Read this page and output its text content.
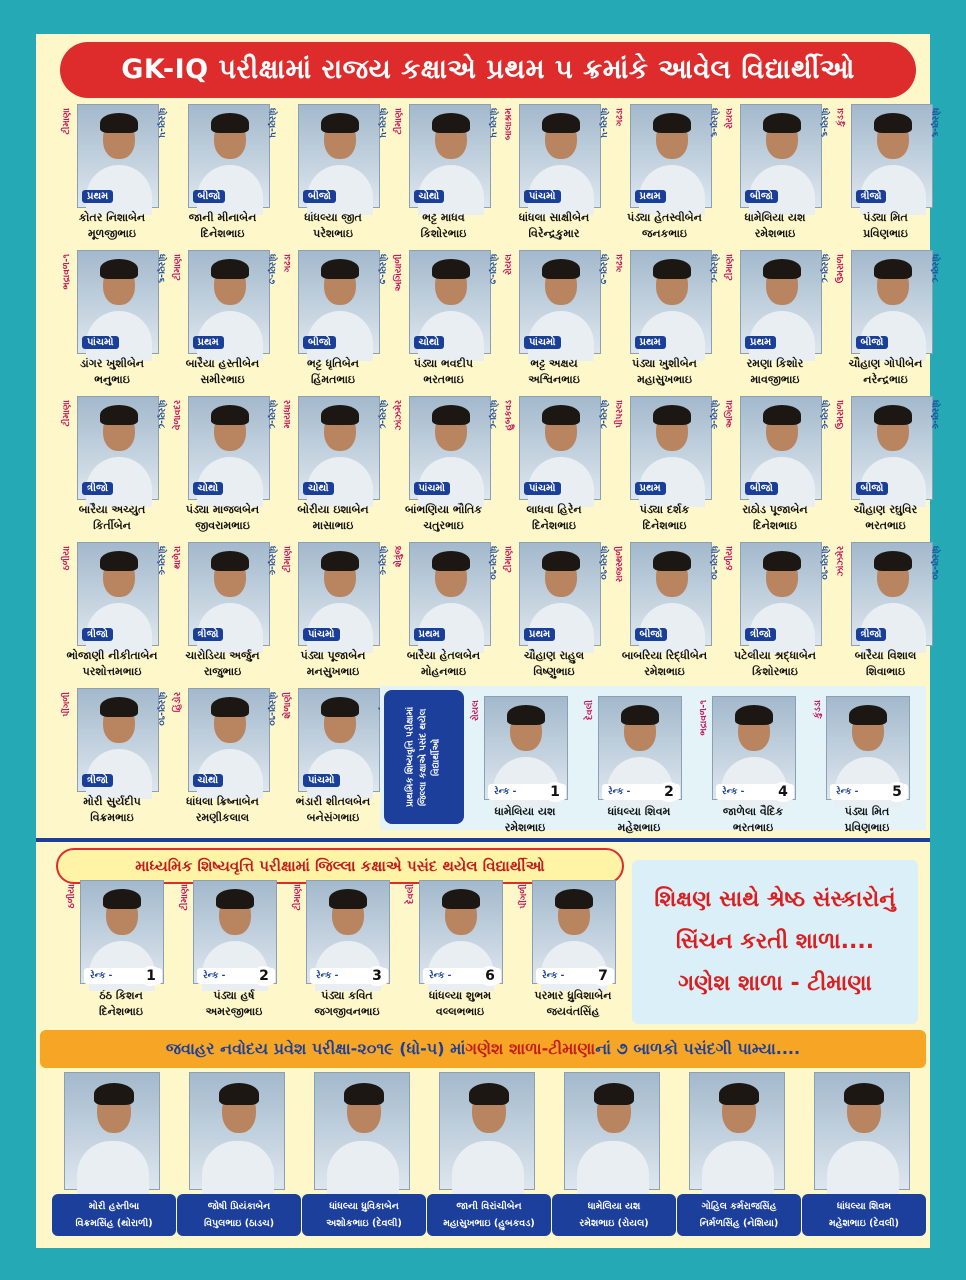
GK-IQ પરીક્ષામાં રાજય કક્ષાએ પ્રથમ ૫ ક્રમાંકે આવેલ વિદ્યાર્થીઓ
ટીમાણા	ધોરણ-૫
પ્રથમ
કોતર નિશાબેન
મૂળજીભાઇ
ધોરણ-૫
બીજો
જાની મીનાબેન
દિનેશભાઇ
ધોરણ-૫
બીજો
ધાંધલ્યા જીત
પરેશભાઇ
ટીમાણા	ધોરણ-૫
ચોથો
ભટ્ટ માધવ
કિશોરભાઇ
બાલાશ્રમ	ધોરણ-૫
પાંચમો
ધાંધલા સાક્ષીબેન
વિરેન્દ્રકુમાર
ગઢડા	ધોરણ-૬
પ્રથમ
પંડ્યા હેતસ્વીબેન
જનકભાઇ
રોયલ	ધોરણ-૬
બીજો
ધામેલિયા યશ
રમેશભાઇ
કુંડડા	ધોરણ-૬
ત્રીજો
પંડ્યા મિત
પ્રવિણભાઇ
ભદ્રાવળ-૧	ધોરણ-૬
પાંચમો
ડાંગર ખુશીબેન
ભનુભાઇ
ટીમાણા	ધોરણ-૭
પ્રથમ
બારૈયા હસ્તીબેન
સમીરભાઇ
ગઢડા	ધોરણ-૭
બીજો
ભટ્ટ ધૃતિબેન
હિંમતભાઇ
અગિયાળી	ધોરણ-૭
ચોથો
પંડ્યા ભવદીપ
ભરતભાઇ
રોયલ	ધોરણ-૭
પાંચમો
ભટ્ટ અક્ષય
અશ્વિનભાઇ
ગઢડા	ધોરણ-૮
પ્રથમ
પંડ્યા ખુશીબેન
મહાસુખભાઇ
ટીમાણા	ધોરણ-૮
પ્રથમ
રમણા કિશોર
માવજીભાઇ
ઉમરાળા	ધોરણ-૮
બીજો
ચૌહાણ ગોપીબેન
નરેન્દ્રભાઇ
ટીમાણા	ધોરણ-૮
ત્રીજો
બારૈયા અચ્યુત
કિર્તીબેન
વેળાવદર	ધોરણ-૮
ચોથો
પંડ્યા માજલબેન
જીવરામભાઇ
માયધાર	ધોરણ-૮
ચોથો
બોરીયા ઇશાબેન
માસાભાઇ
ઝાંઝમેર	ધોરણ-૮
પાંચમો
બાંભણિયા ભૌતિક
ચતુરભાઇ
હુબકવડ	ધોરણ-૮
પાંચમો
લાધવા હિરેન
દિનેશભાઇ
પીપરલા	ધોરણ-૯
પ્રથમ
પંડ્યા દર્શક
દિનેશભાઇ
અગિયા	ધોરણ-૯
બીજો
રાઠોડ પૂજાબેન
દિનેશભાઇ
ઉમરાળા	ધોરણ-૯
બીજો
ચૌહાણ રઘુવિર
ભરતભાઇ
ઠળીયા	ધોરણ-૯
ત્રીજો
ભોજાણી નીકીતાબેન
પરશોત્તમભાઇ
થાળેરા	ધોરણ-૯
ત્રીજો
ચારોડિયા અર્જુન
રાજુભાઇ
ટીમાણા	ધોરણ-૯
પાંચમો
પંડ્યા પૂજાબેન
મનસુખભાઇ
શેત્રુંજ	ધોરણ-૧૦
પ્રથમ
બારૈયા હેતલબેન
મોહનભાઇ
ટીમાણા	ધોરણ-૧૦
પ્રથમ
ચૌહાણ રાહુલ
વિષ્ણુભાઇ
રાજસ્થળી	ધોરણ-૧૦
બીજો
બાબરિયા રિદ્ધીબેન
રમેશભાઇ
ઠળીયા	ધોરણ-૧૦
ત્રીજો
પટેલીયા શ્રદ્ધાબેન
કિશોરભાઇ
ઝાંઝમેર	ધોરણ-૧૦
ત્રીજો
બારૈયા વિશાલ
શિવાભાઇ
પીંગળી	ધોરણ-૧૦
ત્રીજો
મોરી સુર્યદીપ
વિક્રમભાઇ
હિંડોર	ધોરણ-૧૦
ચોથો
ધાંધલા ક્રિષ્નાબેન
રમણીકલાલ
શેળાણી
પાંચમો
ભંડારી શીતલબેન
બનેસંગભાઇ
પ્રાથમિક શિષ્યવૃત્તિ પરીક્ષામાં જિલ્લા કક્ષાએ પસંદ થયેલ વિદ્યાર્થીઓ
રોયલ
રેન્ક -	1
ધામેલિયા યશ
રમેશભાઇ
દેવલી
રેન્ક -	2
ધાંધલ્યા શિવમ
મહેશભાઇ
ભદ્રાવળ-૧
રેન્ક -	4
જાળેલા વૈદિક
ભરતભાઇ
કુંડડા
રેન્ક -	5
પંડ્યા મિત
પ્રવિણભાઇ
માધ્યમિક શિષ્યવૃત્તિ પરીક્ષામાં જિલ્લા કક્ષાએ પસંદ થયેલ વિદ્યાર્થીઓ
ઠળીયા
રેન્ક -	1
ઠંઠ કિશન
દિનેશભાઇ
ટીમાણા
રેન્ક -	2
પંડ્યા હર્ષ
અમરજીભાઇ
ટીમાણા
રેન્ક -	3
પંડ્યા કવિત
જગજીવનભાઇ
દેવલી
રેન્ક -	6
ધાંધલ્યા શુભમ
વલ્લભભાઇ
પીંગળી
રેન્ક -	7
પરમાર ધ્રુવિશાબેન
જયવંતસિંહ
શિક્ષણ સાથે શ્રેષ્ઠ સંસ્કારોનું
સિંચન કરતી શાળા....
ગણેશ શાળા - ટીમાણા
જવાહર નવોદય પ્રવેશ પરીક્ષા-૨૦૧૯ (ધો-૫) માં ગણેશ શાળા-ટીમાણા નાં ૭ બાળકો પસંદગી પામ્યા....
મોરી હસ્તીબા
વિક્રમસિંહ (થોરાળી)
જોષી પ્રિયંકાબેન
વિપુલભાઇ (ઠાડચ)
ધાંધલ્યા ધ્રુવિકાબેન
અશોકભાઇ (દેવલી)
જાની વિરાંચીબેન
મહાસુખભાઇ (હુબકવડ)
ધામેલિયા યશ
રમેશભાઇ (રોયલ)
ગોહિલ કર્મરાજસિંહ
નિર્મળસિંહ (નેશિયા)
ધાંધલ્યા શિવમ
મહેશભાઇ (દેવલી)
